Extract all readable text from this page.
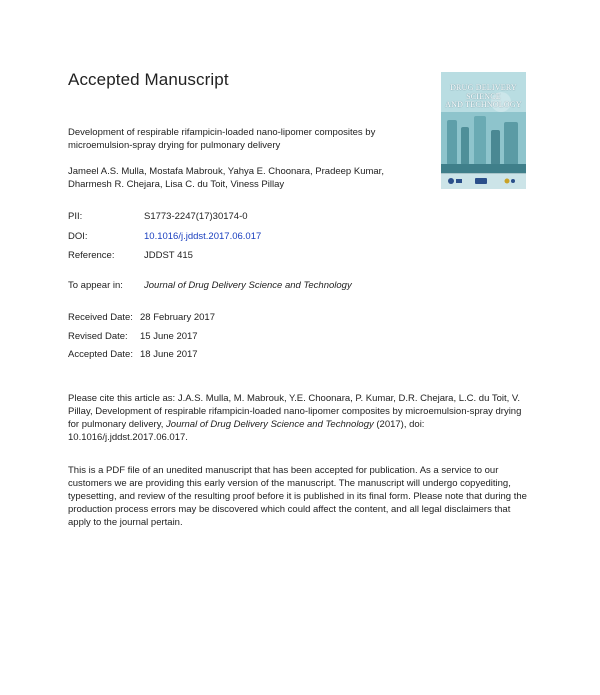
Accepted Manuscript	DRUG DELIVERY
SCIENCE
AND TECHNOLOGY
Development of respirable rifampicin-loaded nano-lipomer composites by microemulsion-spray drying for pulmonary delivery
Jameel A.S. Mulla, Mostafa Mabrouk, Yahya E. Choonara, Pradeep Kumar, Dharmesh R. Chejara, Lisa C. du Toit, Viness Pillay
PII:	S1773-2247(17)30174-0
DOI:	10.1016/j.jddst.2017.06.017
Reference:	JDDST 415
To appear in: Journal of Drug Delivery Science and Technology
Received Date: 28 February 2017
Revised Date: 15 June 2017
Accepted Date: 18 June 2017
Please cite this article as: J.A.S. Mulla, M. Mabrouk, Y.E. Choonara, P. Kumar, D.R. Chejara, L.C. du Toit, V. Pillay, Development of respirable rifampicin-loaded nano-lipomer composites by microemulsion-spray drying for pulmonary delivery, Journal of Drug Delivery Science and Technology (2017), doi: 10.1016/j.jddst.2017.06.017.
This is a PDF file of an unedited manuscript that has been accepted for publication. As a service to our customers we are providing this early version of the manuscript. The manuscript will undergo copyediting, typesetting, and review of the resulting proof before it is published in its final form. Please note that during the production process errors may be discovered which could affect the content, and all legal disclaimers that apply to the journal pertain.
